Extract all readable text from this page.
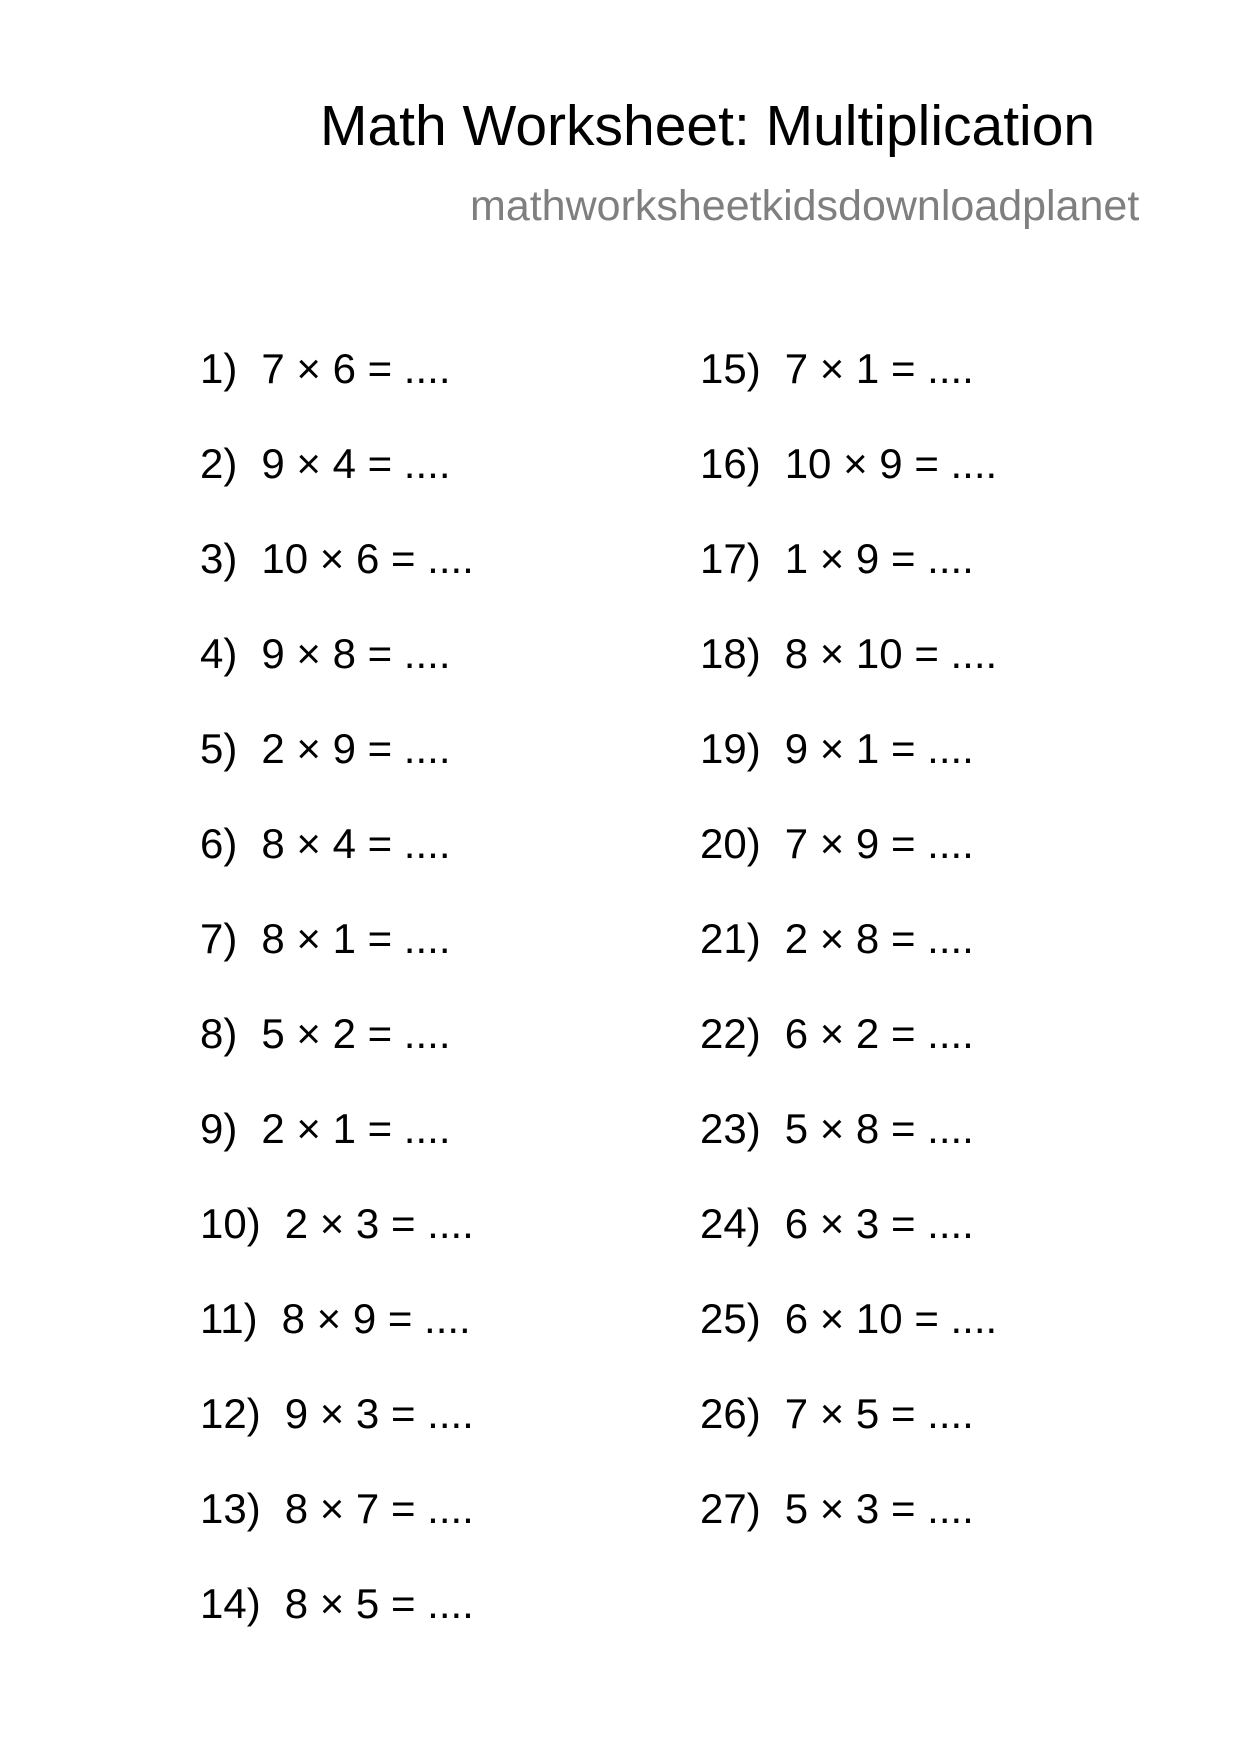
Math Worksheet: Multiplication
mathworksheetkidsdownloadplanet
1) 7 × 6 = ....
2) 9 × 4 = ....
3) 10 × 6 = ....
4) 9 × 8 = ....
5) 2 × 9 = ....
6) 8 × 4 = ....
7) 8 × 1 = ....
8) 5 × 2 = ....
9) 2 × 1 = ....
10) 2 × 3 = ....
11) 8 × 9 = ....
12) 9 × 3 = ....
13) 8 × 7 = ....
14) 8 × 5 = ....
15) 7 × 1 = ....
16) 10 × 9 = ....
17) 1 × 9 = ....
18) 8 × 10 = ....
19) 9 × 1 = ....
20) 7 × 9 = ....
21) 2 × 8 = ....
22) 6 × 2 = ....
23) 5 × 8 = ....
24) 6 × 3 = ....
25) 6 × 10 = ....
26) 7 × 5 = ....
27) 5 × 3 = ....
